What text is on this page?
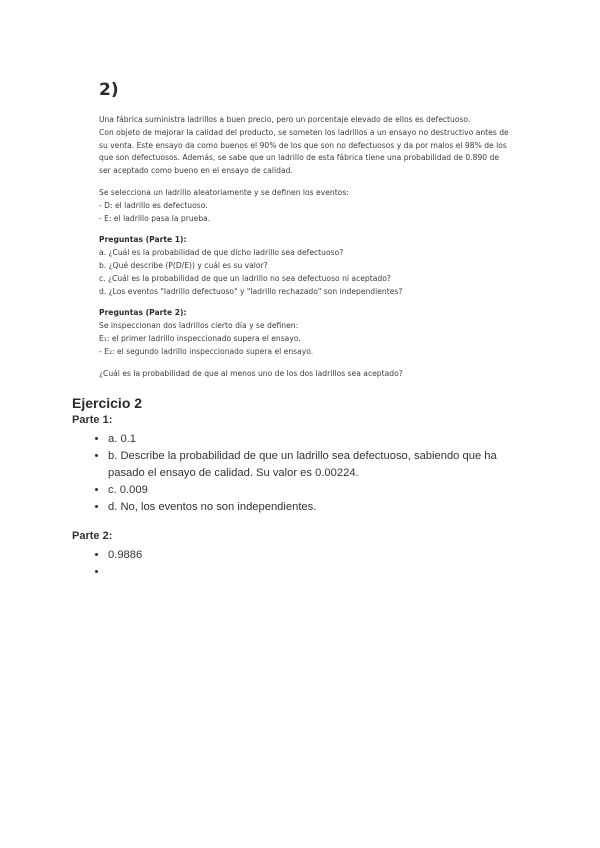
2)

Una fábrica suministra ladrillos a buen precio, pero un porcentaje elevado de ellos es defectuoso.
Con objeto de mejorar la calidad del producto, se someten los ladrillos a un ensayo no destructivo antes de su venta. Este ensayo da como buenos el 90% de los que son no defectuosos y da por malos el 98% de los que son defectuosos. Además, se sabe que un ladrillo de esta fábrica tiene una probabilidad de 0.890 de ser aceptado como bueno en el ensayo de calidad.

Se selecciona un ladrillo aleatoriamente y se definen los eventos:
- D: el ladrillo es defectuoso.
- E: el ladrillo pasa la prueba.

Preguntas (Parte 1):
a. ¿Cuál es la probabilidad de que dicho ladrillo sea defectuoso?
b. ¿Qué describe (P(D/E)) y cuál es su valor?
c. ¿Cuál es la probabilidad de que un ladrillo no sea defectuoso ni aceptado?
d. ¿Los eventos "ladrillo defectuoso" y "ladrillo rechazado" son independientes?

Preguntas (Parte 2):
Se inspeccionan dos ladrillos cierto día y se definen:
E₁: el primer ladrillo inspeccionado supera el ensayo.
- E₂: el segundo ladrillo inspeccionado supera el ensayo.

¿Cuál es la probabilidad de que al menos uno de los dos ladrillos sea aceptado?

Ejercicio 2
Parte 1:
• a. 0.1
• b. Describe la probabilidad de que un ladrillo sea defectuoso, sabiendo que ha pasado el ensayo de calidad. Su valor es 0.00224.
• c. 0.009
• d. No, los eventos no son independientes.
Parte 2:
• 0.9886
•
